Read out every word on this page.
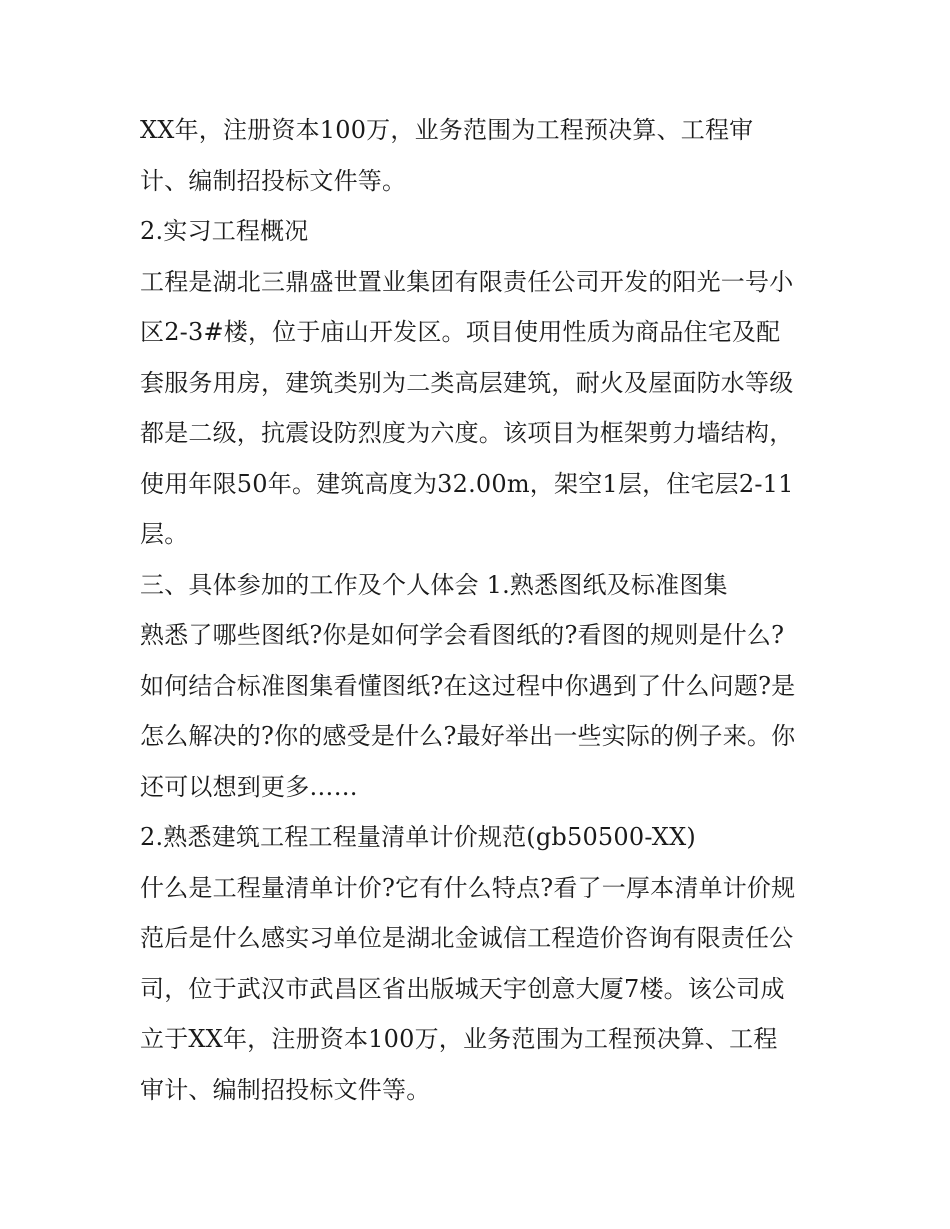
XX年，注册资本100万，业务范围为工程预决算、工程审
计、编制招投标文件等。
2.实习工程概况
工程是湖北三鼎盛世置业集团有限责任公司开发的阳光一号小
区2-3#楼，位于庙山开发区。项目使用性质为商品住宅及配
套服务用房，建筑类别为二类高层建筑，耐火及屋面防水等级
都是二级，抗震设防烈度为六度。该项目为框架剪力墙结构，
使用年限50年。建筑高度为32.00m，架空1层，住宅层2-11
层。
三、具体参加的工作及个人体会 1.熟悉图纸及标准图集
熟悉了哪些图纸?你是如何学会看图纸的?看图的规则是什么?
如何结合标准图集看懂图纸?在这过程中你遇到了什么问题?是
怎么解决的?你的感受是什么?最好举出一些实际的例子来。你
还可以想到更多……
2.熟悉建筑工程工程量清单计价规范(gb50500-XX)
什么是工程量清单计价?它有什么特点?看了一厚本清单计价规
范后是什么感实习单位是湖北金诚信工程造价咨询有限责任公
司，位于武汉市武昌区省出版城天宇创意大厦7楼。该公司成
立于XX年，注册资本100万，业务范围为工程预决算、工程
审计、编制招投标文件等。
